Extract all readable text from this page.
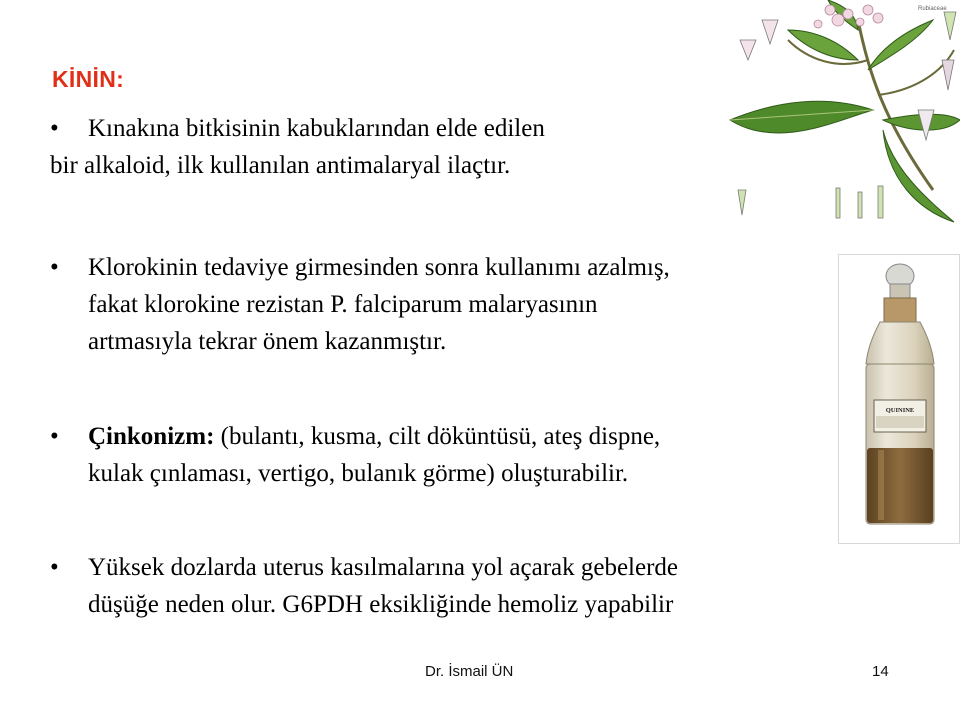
KİNİN:
• Kınakına bitkisinin kabuklarından elde edilen
bir alkaloid, ilk kullanılan antimalaryal ilaçtır.
• Klorokinin tedaviye girmesinden sonra kullanımı azalmış,
fakat klorokine rezistan P. falciparum malaryasının
artmasıyla tekrar önem kazanmıştır.
• Çinkonizm: (bulantı, kusma, cilt döküntüsü, ateş dispne,
kulak çınlaması, vertigo, bulanık görme) oluşturabilir.
• Yüksek dozlarda uterus kasılmalarına yol açarak gebelerde
düşüğe neden olur. G6PDH eksikliğinde hemoliz yapabilir
Rubiaceae
QUININE
Dr. İsmail ÜN	14
